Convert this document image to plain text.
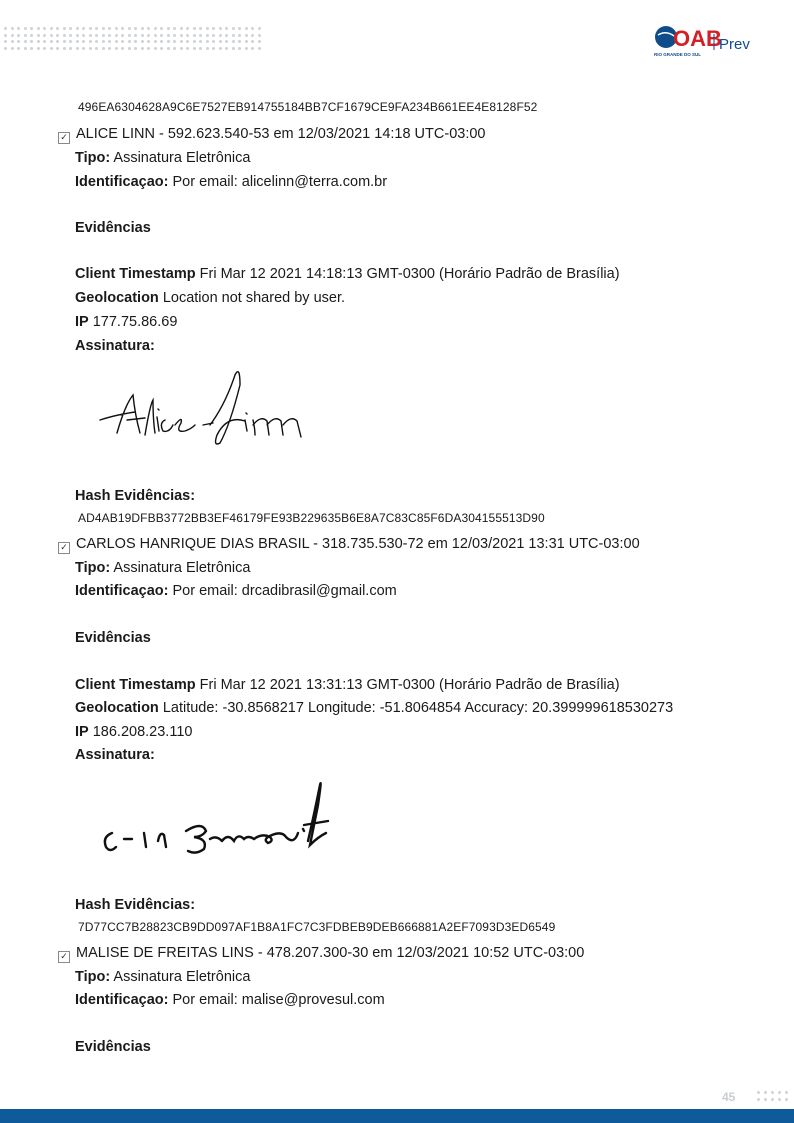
OAB
RIO GRANDE DO SUL
Prev
496EA6304628A9C6E7527EB914755184BB7CF1679CE9FA234B661EE4E8128F52
✓ ALICE LINN - 592.623.540-53 em 12/03/2021 14:18 UTC-03:00
Tipo: Assinatura Eletrônica
Identificaçao: Por email: alicelinn@terra.com.br
Evidências
Client Timestamp Fri Mar 12 2021 14:18:13 GMT-0300 (Horário Padrão de Brasília)
Geolocation Location not shared by user.
IP 177.75.86.69
Assinatura:
Hash Evidências:
AD4AB19DFBB3772BB3EF46179FE93B229635B6E8A7C83C85F6DA304155513D90
✓ CARLOS HANRIQUE DIAS BRASIL - 318.735.530-72 em 12/03/2021 13:31 UTC-03:00
Tipo: Assinatura Eletrônica
Identificaçao: Por email: drcadibrasil@gmail.com
Evidências
Client Timestamp Fri Mar 12 2021 13:31:13 GMT-0300 (Horário Padrão de Brasília)
Geolocation Latitude: -30.8568217 Longitude: -51.8064854 Accuracy: 20.399999618530273
IP 186.208.23.110
Assinatura:
Hash Evidências:
7D77CC7B28823CB9DD097AF1B8A1FC7C3FDBEB9DEB666881A2EF7093D3ED6549
✓ MALISE DE FREITAS LINS - 478.207.300-30 em 12/03/2021 10:52 UTC-03:00
Tipo: Assinatura Eletrônica
Identificaçao: Por email: malise@provesul.com
Evidências
45
